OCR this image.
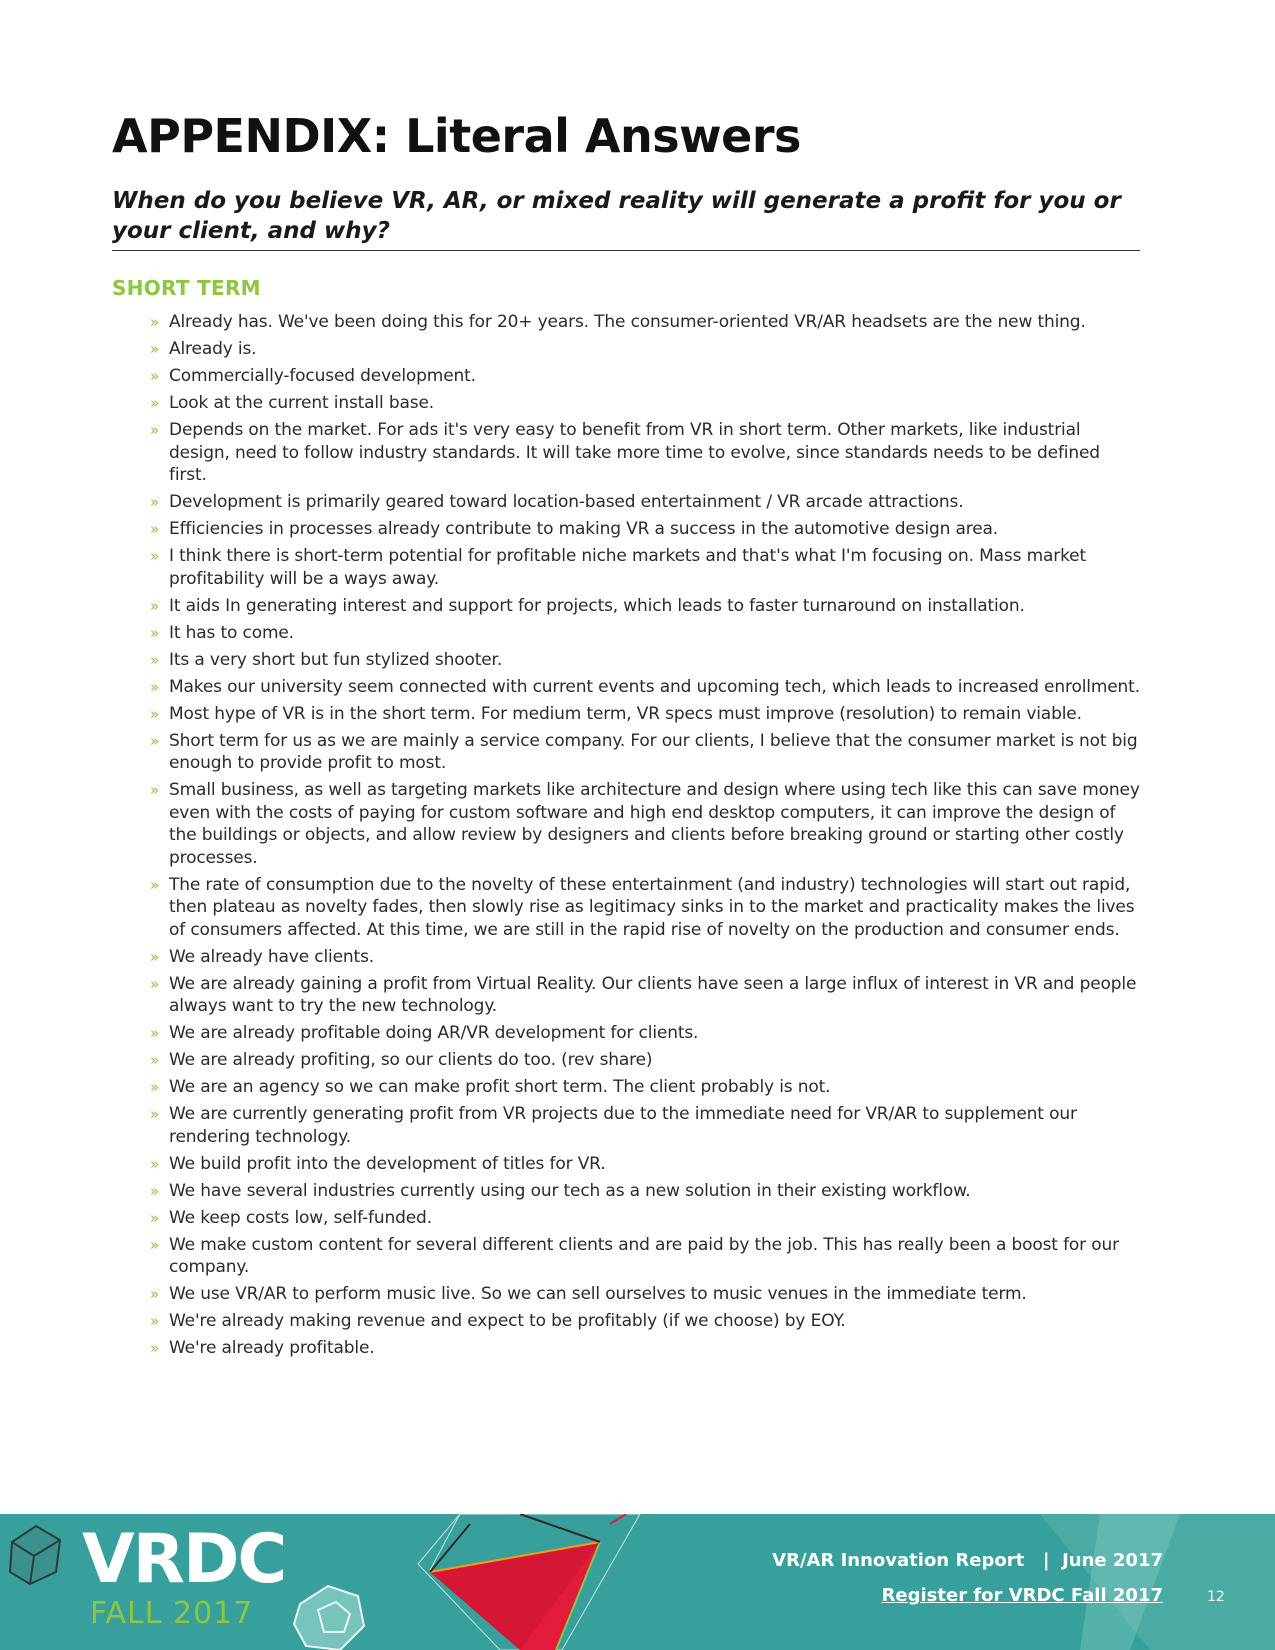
APPENDIX: Literal Answers
When do you believe VR, AR, or mixed reality will generate a profit for you or your client, and why?
SHORT TERM
» Already has. We've been doing this for 20+ years. The consumer-oriented VR/AR headsets are the new thing.
» Already is.
» Commercially-focused development.
» Look at the current install base.
» Depends on the market. For ads it's very easy to benefit from VR in short term. Other markets, like industrial design, need to follow industry standards. It will take more time to evolve, since standards needs to be defined first.
» Development is primarily geared toward location-based entertainment / VR arcade attractions.
» Efficiencies in processes already contribute to making VR a success in the automotive design area.
» I think there is short-term potential for profitable niche markets and that's what I'm focusing on. Mass market profitability will be a ways away.
» It aids In generating interest and support for projects, which leads to faster turnaround on installation.
» It has to come.
» Its a very short but fun stylized shooter.
» Makes our university seem connected with current events and upcoming tech, which leads to increased enrollment.
» Most hype of VR is in the short term. For medium term, VR specs must improve (resolution) to remain viable.
» Short term for us as we are mainly a service company. For our clients, I believe that the consumer market is not big enough to provide profit to most.
» Small business, as well as targeting markets like architecture and design where using tech like this can save money even with the costs of paying for custom software and high end desktop computers, it can improve the design of the buildings or objects, and allow review by designers and clients before breaking ground or starting other costly processes.
» The rate of consumption due to the novelty of these entertainment (and industry) technologies will start out rapid, then plateau as novelty fades, then slowly rise as legitimacy sinks in to the market and practicality makes the lives of consumers affected. At this time, we are still in the rapid rise of novelty on the production and consumer ends.
» We already have clients.
» We are already gaining a profit from Virtual Reality. Our clients have seen a large influx of interest in VR and people always want to try the new technology.
» We are already profitable doing AR/VR development for clients.
» We are already profiting, so our clients do too. (rev share)
» We are an agency so we can make profit short term. The client probably is not.
» We are currently generating profit from VR projects due to the immediate need for VR/AR to supplement our rendering technology.
» We build profit into the development of titles for VR.
» We have several industries currently using our tech as a new solution in their existing workflow.
» We keep costs low, self-funded.
» We make custom content for several different clients and are paid by the job. This has really been a boost for our company.
» We use VR/AR to perform music live. So we can sell ourselves to music venues in the immediate term.
» We're already making revenue and expect to be profitably (if we choose) by EOY.
» We're already profitable.
VRDC
FALL 2017
VR/AR Innovation Report   |  June 2017
Register for VRDC Fall 2017	12
